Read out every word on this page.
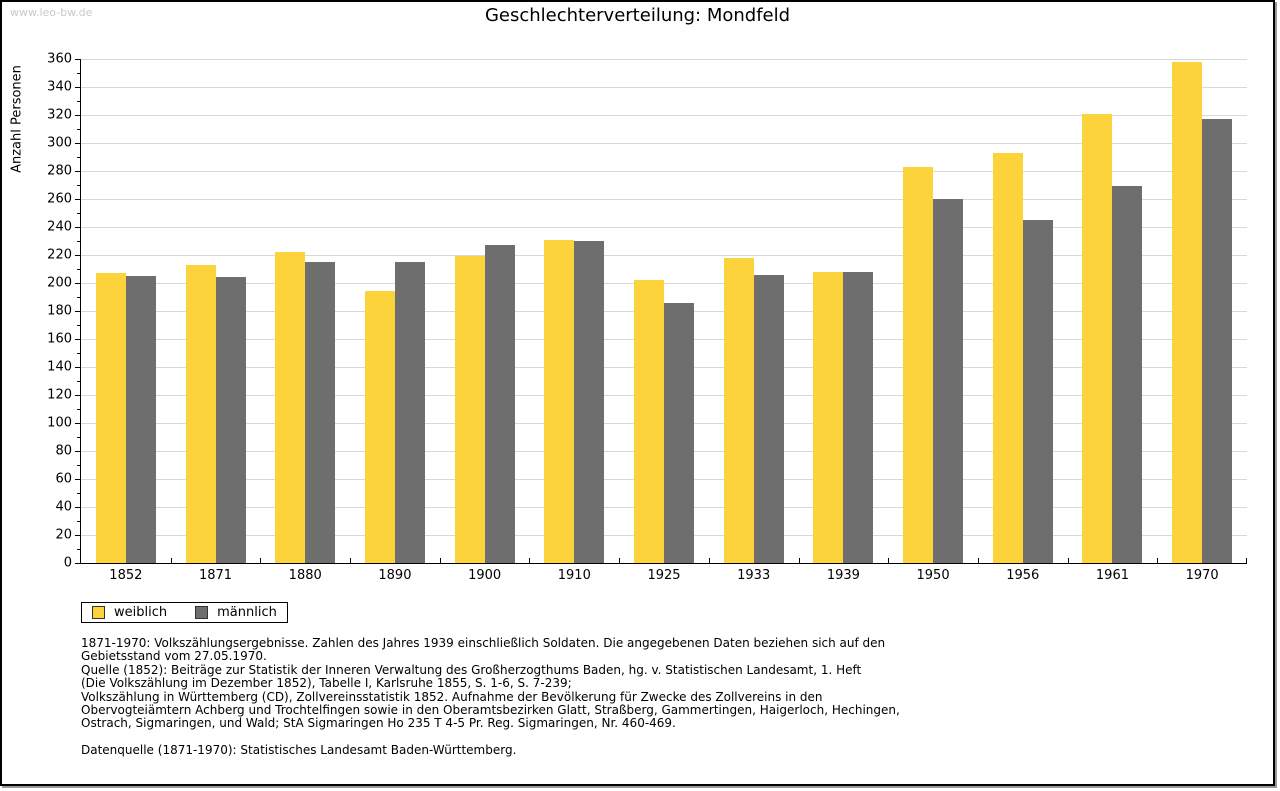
www.leo-bw.de	Geschlechterverteilung: Mondfeld
Anzahl Personen
0
20
40
60
80
100
120
140
160
180
200
220
240
260
280
300
320
340
360
1852	1871	1880	1890	1900	1910	1925	1933	1939	1950	1956	1961	1970
weiblich	männlich
1871-1970: Volkszählungsergebnisse. Zahlen des Jahres 1939 einschließlich Soldaten. Die angegebenen Daten beziehen sich auf den
Gebietsstand vom 27.05.1970.
Quelle (1852): Beiträge zur Statistik der Inneren Verwaltung des Großherzogthums Baden, hg. v. Statistischen Landesamt, 1. Heft
(Die Volkszählung im Dezember 1852), Tabelle I, Karlsruhe 1855, S. 1-6, S. 7-239;
Volkszählung in Württemberg (CD), Zollvereinsstatistik 1852. Aufnahme der Bevölkerung für Zwecke des Zollvereins in den
Obervogteiämtern Achberg und Trochtelfingen sowie in den Oberamtsbezirken Glatt, Straßberg, Gammertingen, Haigerloch, Hechingen,
Ostrach, Sigmaringen, und Wald; StA Sigmaringen Ho 235 T 4-5 Pr. Reg. Sigmaringen, Nr. 460-469.
Datenquelle (1871-1970): Statistisches Landesamt Baden-Württemberg.
